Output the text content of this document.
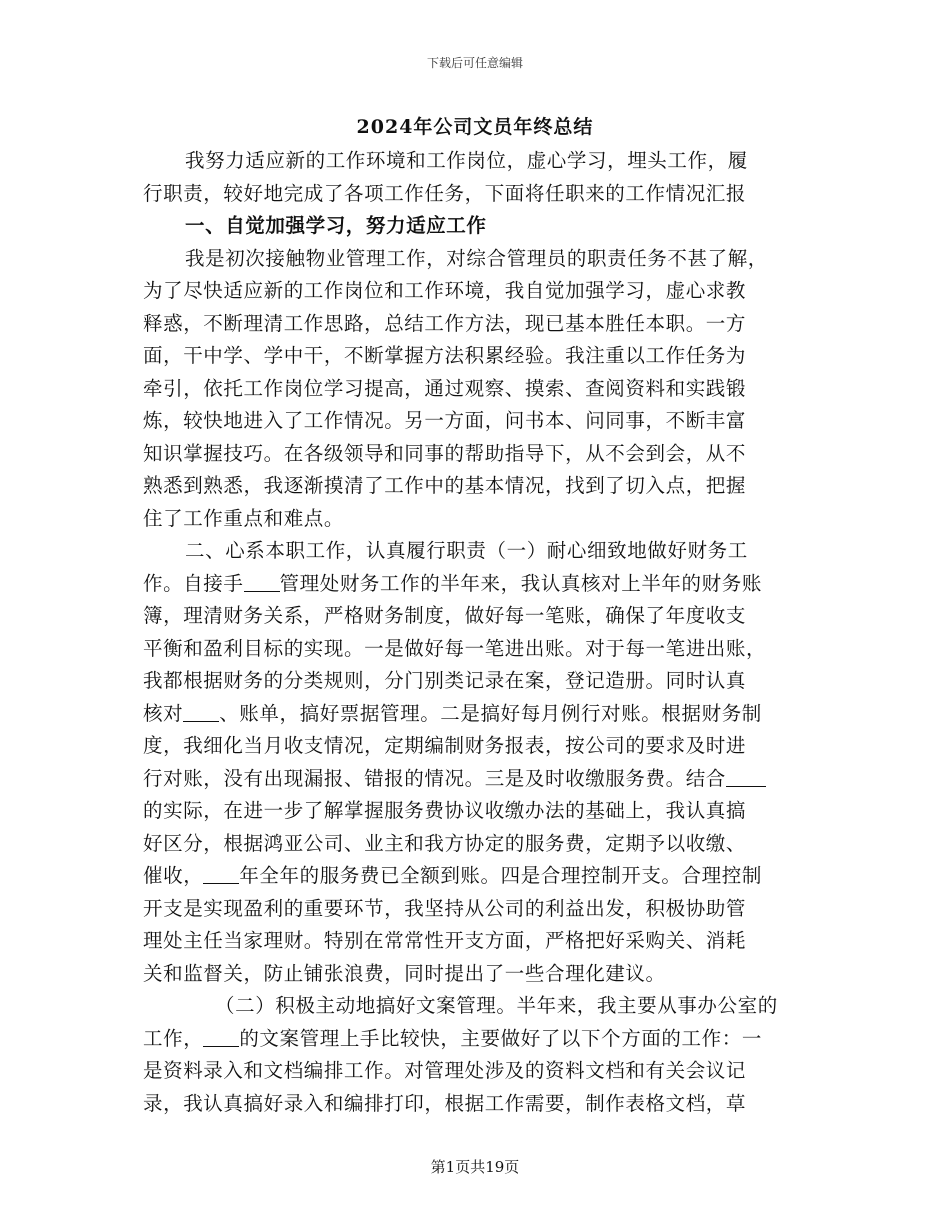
下载后可任意编辑
2024年公司文员年终总结
我努力适应新的工作环境和工作岗位，虚心学习，埋头工作，履
行职责，较好地完成了各项工作任务，下面将任职来的工作情况汇报
一、自觉加强学习，努力适应工作
我是初次接触物业管理工作，对综合管理员的职责任务不甚了解，
为了尽快适应新的工作岗位和工作环境，我自觉加强学习，虚心求教
释惑，不断理清工作思路，总结工作方法，现已基本胜任本职。一方
面，干中学、学中干，不断掌握方法积累经验。我注重以工作任务为
牵引，依托工作岗位学习提高，通过观察、摸索、查阅资料和实践锻
炼，较快地进入了工作情况。另一方面，问书本、问同事，不断丰富
知识掌握技巧。在各级领导和同事的帮助指导下，从不会到会，从不
熟悉到熟悉，我逐渐摸清了工作中的基本情况，找到了切入点，把握
住了工作重点和难点。
二、心系本职工作，认真履行职责（一）耐心细致地做好财务工
作。自接手 管理处财务工作的半年来，我认真核对上半年的财务账
簿，理清财务关系，严格财务制度，做好每一笔账，确保了年度收支
平衡和盈利目标的实现。一是做好每一笔进出账。对于每一笔进出账，
我都根据财务的分类规则，分门别类记录在案，登记造册。同时认真
核对 、账单，搞好票据管理。二是搞好每月例行对账。根据财务制
度，我细化当月收支情况，定期编制财务报表，按公司的要求及时进
行对账，没有出现漏报、错报的情况。三是及时收缴服务费。结合
的实际，在进一步了解掌握服务费协议收缴办法的基础上，我认真搞
好区分，根据鸿亚公司、业主和我方协定的服务费，定期予以收缴、
催收， 年全年的服务费已全额到账。四是合理控制开支。合理控制
开支是实现盈利的重要环节，我坚持从公司的利益出发，积极协助管
理处主任当家理财。特别在常常性开支方面，严格把好采购关、消耗
关和监督关，防止铺张浪费，同时提出了一些合理化建议。
（二）积极主动地搞好文案管理。半年来，我主要从事办公室的
工作， 的文案管理上手比较快，主要做好了以下个方面的工作：一
是资料录入和文档编排工作。对管理处涉及的资料文档和有关会议记
录，我认真搞好录入和编排打印，根据工作需要，制作表格文档，草
第1页共19页
